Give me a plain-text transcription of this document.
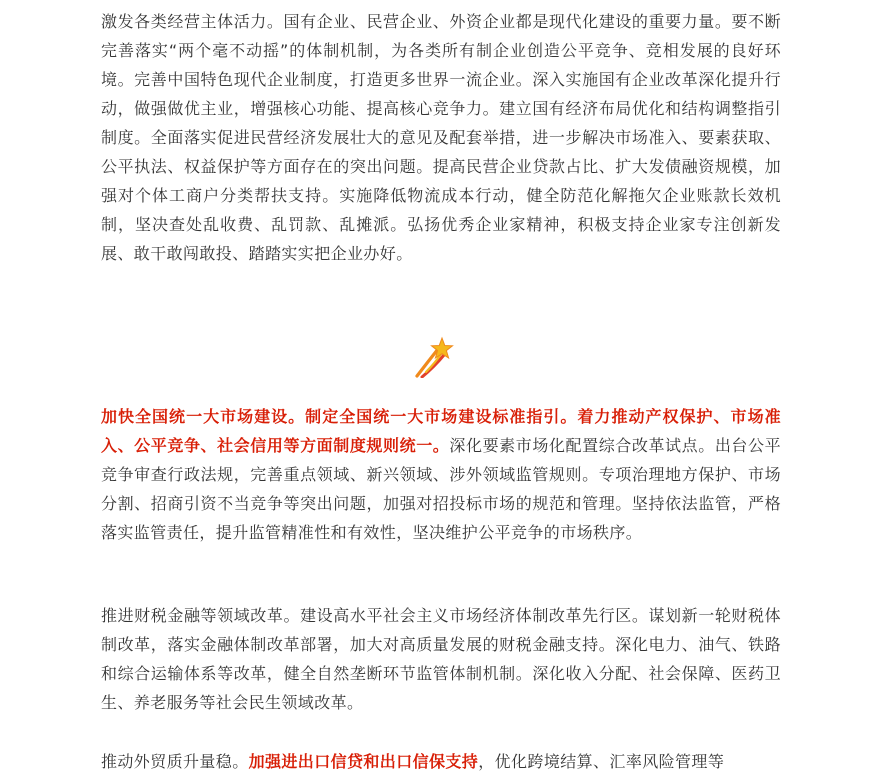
激发各类经营主体活力。国有企业、民营企业、外资企业都是现代化建设的重要力量。要不断完善落实“两个毫不动摇”的体制机制，为各类所有制企业创造公平竞争、竞相发展的良好环境。完善中国特色现代企业制度，打造更多世界一流企业。深入实施国有企业改革深化提升行动，做强做优主业，增强核心功能、提高核心竞争力。建立国有经济布局优化和结构调整指引制度。全面落实促进民营经济发展壮大的意见及配套举措，进一步解决市场准入、要素获取、公平执法、权益保护等方面存在的突出问题。提高民营企业贷款占比、扩大发债融资规模，加强对个体工商户分类帮扶支持。实施降低物流成本行动，健全防范化解拖欠企业账款长效机制，坚决查处乱收费、乱罚款、乱摊派。弘扬优秀企业家精神，积极支持企业家专注创新发展、敢干敢闯敢投、踏踏实实把企业办好。

加快全国统一大市场建设。制定全国统一大市场建设标准指引。着力推动产权保护、市场准入、公平竞争、社会信用等方面制度规则统一。深化要素市场化配置综合改革试点。出台公平竞争审查行政法规，完善重点领域、新兴领域、涉外领域监管规则。专项治理地方保护、市场分割、招商引资不当竞争等突出问题，加强对招投标市场的规范和管理。坚持依法监管，严格落实监管责任，提升监管精准性和有效性，坚决维护公平竞争的市场秩序。

推进财税金融等领域改革。建设高水平社会主义市场经济体制改革先行区。谋划新一轮财税体制改革，落实金融体制改革部署，加大对高质量发展的财税金融支持。深化电力、油气、铁路和综合运输体系等改革，健全自然垄断环节监管体制机制。深化收入分配、社会保障、医药卫生、养老服务等社会民生领域改革。

推动外贸质升量稳。加强进出口信贷和出口信保支持，优化跨境结算、汇率风险管理等
